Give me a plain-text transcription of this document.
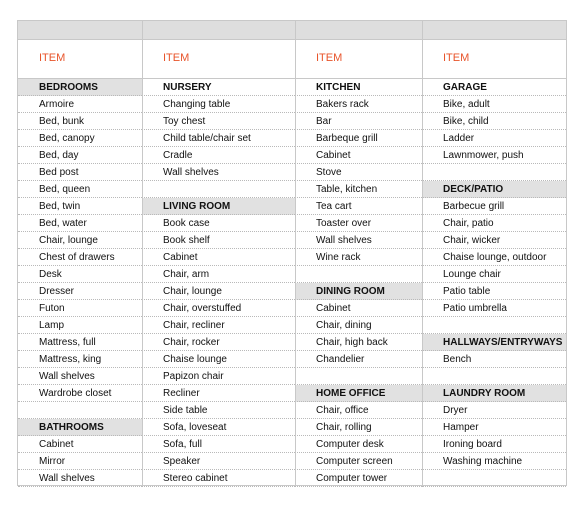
ITEM
BEDROOMS
Armoire
Bed, bunk
Bed, canopy
Bed, day
Bed post
Bed, queen
Bed, twin
Bed, water
Chair, lounge
Chest of drawers
Desk
Dresser
Futon
Lamp
Mattress, full
Mattress, king
Wall shelves
Wardrobe closet
BATHROOMS
Cabinet
Mirror
Wall shelves
ITEM
NURSERY
Changing table
Toy chest
Child table/chair set
Cradle
Wall shelves
LIVING ROOM
Book case
Book shelf
Cabinet
Chair, arm
Chair, lounge
Chair, overstuffed
Chair, recliner
Chair, rocker
Chaise lounge
Papizon chair
Recliner
Side table
Sofa, loveseat
Sofa, full
Speaker
Stereo cabinet
ITEM
KITCHEN
Bakers rack
Bar
Barbeque grill
Cabinet
Stove
Table, kitchen
Tea cart
Toaster over
Wall shelves
Wine rack
DINING ROOM
Cabinet
Chair, dining
Chair, high back
Chandelier
HOME OFFICE
Chair, office
Chair, rolling
Computer desk
Computer screen
Computer tower
ITEM
GARAGE
Bike, adult
Bike, child
Ladder
Lawnmower, push
DECK/PATIO
Barbecue grill
Chair, patio
Chair, wicker
Chaise lounge, outdoor
Lounge chair
Patio table
Patio umbrella
HALLWAYS/ENTRYWAYS
Bench
LAUNDRY ROOM
Dryer
Hamper
Ironing board
Washing machine
